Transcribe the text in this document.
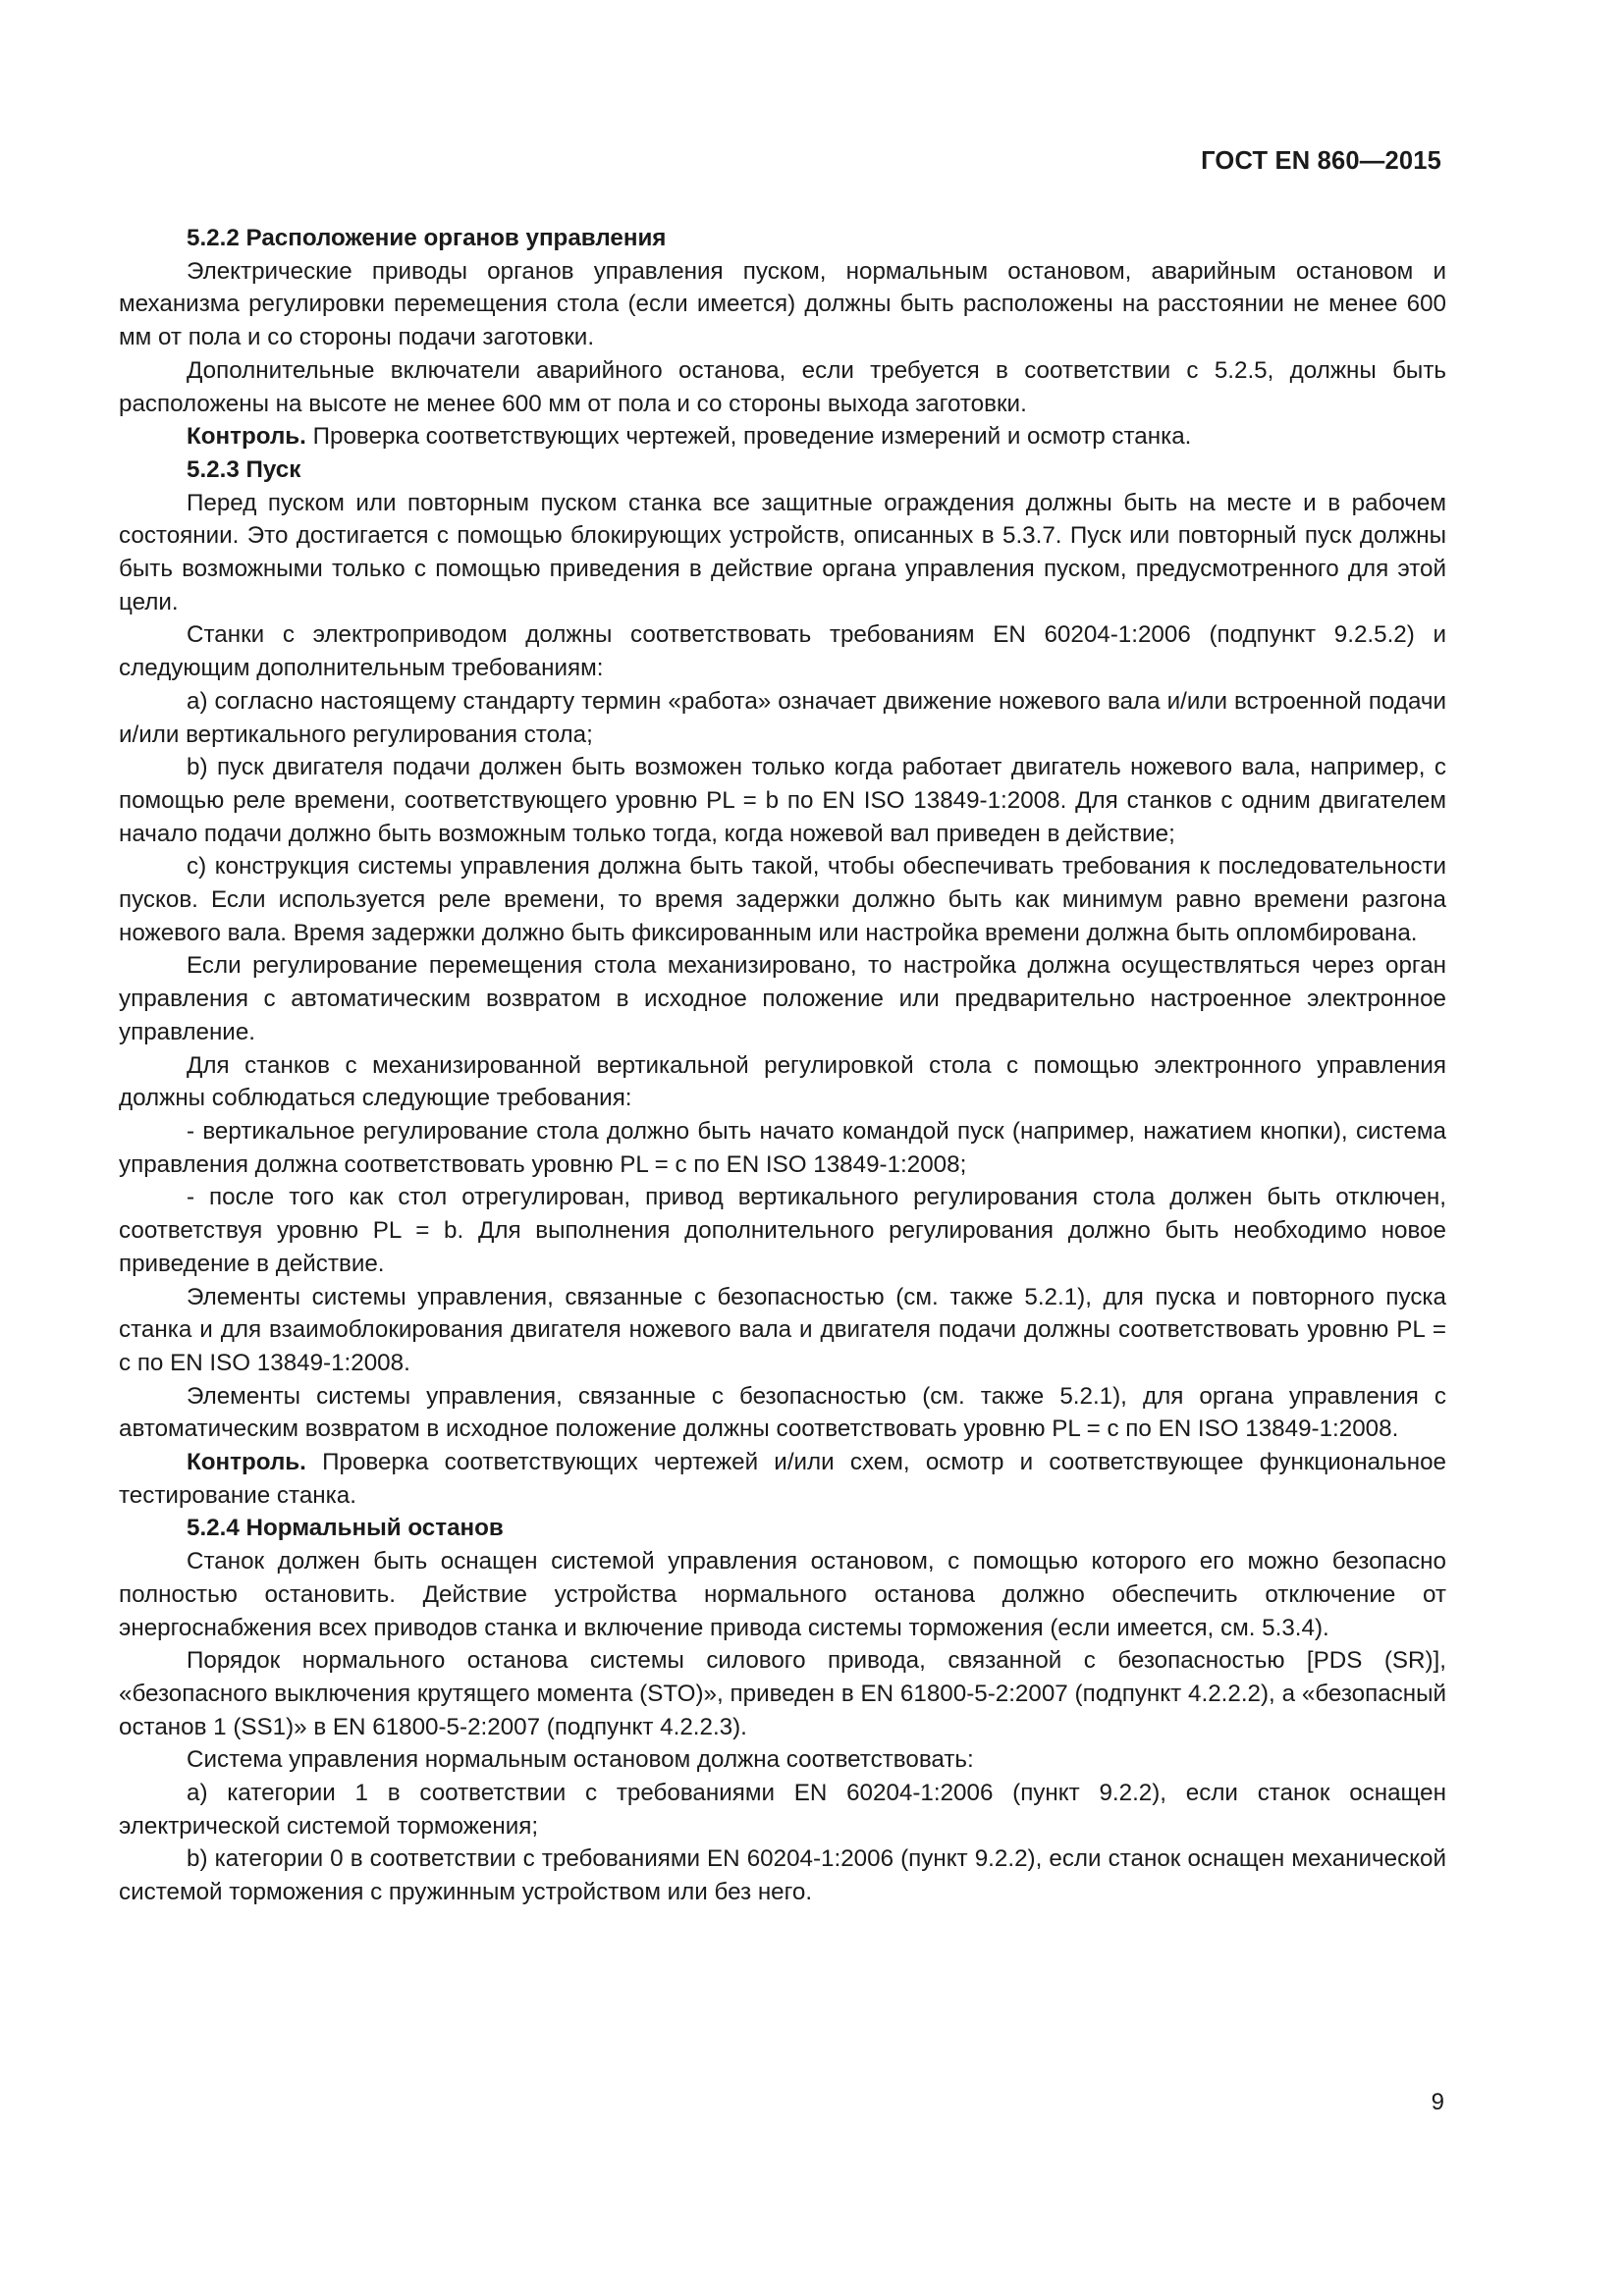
ГОСТ EN 860—2015

5.2.2 Расположение органов управления

Электрические приводы органов управления пуском, нормальным остановом, аварийным остановом и механизма регулировки перемещения стола (если имеется) должны быть расположены на расстоянии не менее 600 мм от пола и со стороны подачи заготовки.

Дополнительные включатели аварийного останова, если требуется в соответствии с 5.2.5, должны быть расположены на высоте не менее 600 мм от пола и со стороны выхода заготовки.

Контроль. Проверка соответствующих чертежей, проведение измерений и осмотр станка.

5.2.3 Пуск

Перед пуском или повторным пуском станка все защитные ограждения должны быть на месте и в рабочем состоянии. Это достигается с помощью блокирующих устройств, описанных в 5.3.7. Пуск или повторный пуск должны быть возможными только с помощью приведения в действие органа управления пуском, предусмотренного для этой цели.

Станки с электроприводом должны соответствовать требованиям EN 60204-1:2006 (подпункт 9.2.5.2) и следующим дополнительным требованиям:

a) согласно настоящему стандарту термин «работа» означает движение ножевого вала и/или встроенной подачи и/или вертикального регулирования стола;

b) пуск двигателя подачи должен быть возможен только когда работает двигатель ножевого вала, например, с помощью реле времени, соответствующего уровню PL = b по EN ISO 13849-1:2008. Для станков с одним двигателем начало подачи должно быть возможным только тогда, когда ножевой вал приведен в действие;

c) конструкция системы управления должна быть такой, чтобы обеспечивать требования к последовательности пусков. Если используется реле времени, то время задержки должно быть как минимум равно времени разгона ножевого вала. Время задержки должно быть фиксированным или настройка времени должна быть опломбирована.

Если регулирование перемещения стола механизировано, то настройка должна осуществляться через орган управления с автоматическим возвратом в исходное положение или предварительно настроенное электронное управление.

Для станков с механизированной вертикальной регулировкой стола с помощью электронного управления должны соблюдаться следующие требования:

- вертикальное регулирование стола должно быть начато командой пуск (например, нажатием кнопки), система управления должна соответствовать уровню PL = c по EN ISO 13849-1:2008;

- после того как стол отрегулирован, привод вертикального регулирования стола должен быть отключен, соответствуя уровню PL = b. Для выполнения дополнительного регулирования должно быть необходимо новое приведение в действие.

Элементы системы управления, связанные с безопасностью (см. также 5.2.1), для пуска и повторного пуска станка и для взаимоблокирования двигателя ножевого вала и двигателя подачи должны соответствовать уровню PL = c по EN ISO 13849-1:2008.

Элементы системы управления, связанные с безопасностью (см. также 5.2.1), для органа управления с автоматическим возвратом в исходное положение должны соответствовать уровню PL = c по EN ISO 13849-1:2008.

Контроль. Проверка соответствующих чертежей и/или схем, осмотр и соответствующее функциональное тестирование станка.

5.2.4 Нормальный останов

Станок должен быть оснащен системой управления остановом, с помощью которого его можно безопасно полностью остановить. Действие устройства нормального останова должно обеспечить отключение от энергоснабжения всех приводов станка и включение привода системы торможения (если имеется, см. 5.3.4).

Порядок нормального останова системы силового привода, связанной с безопасностью [PDS (SR)], «безопасного выключения крутящего момента (STO)», приведен в EN 61800-5-2:2007 (подпункт 4.2.2.2), а «безопасный останов 1 (SS1)» в EN 61800-5-2:2007 (подпункт 4.2.2.3).

Система управления нормальным остановом должна соответствовать:

a) категории 1 в соответствии с требованиями EN 60204-1:2006 (пункт 9.2.2), если станок оснащен электрической системой торможения;

b) категории 0 в соответствии с требованиями EN 60204-1:2006 (пункт 9.2.2), если станок оснащен механической системой торможения с пружинным устройством или без него.

9
